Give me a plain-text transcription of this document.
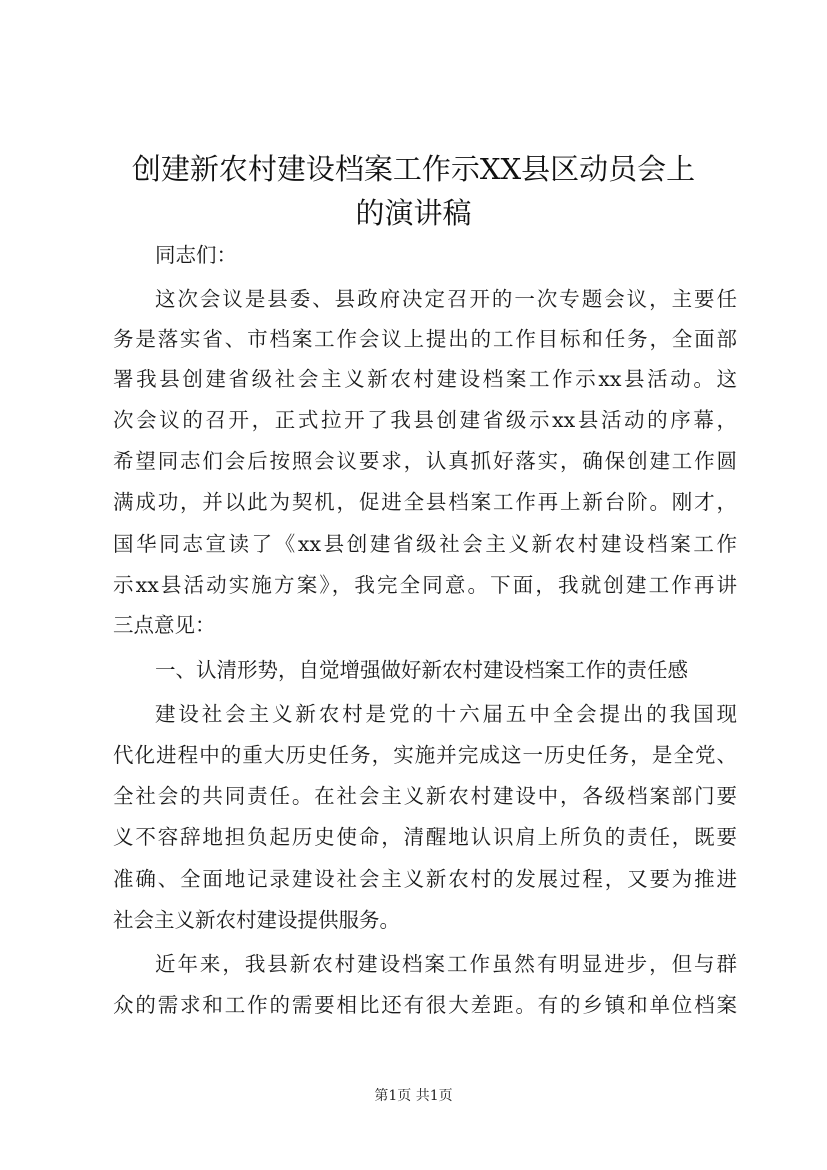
创建新农村建设档案工作示XX县区动员会上
的演讲稿
同志们：
这次会议是县委、县政府决定召开的一次专题会议，主要任
务是落实省、市档案工作会议上提出的工作目标和任务，全面部
署我县创建省级社会主义新农村建设档案工作示xx县活动。这
次会议的召开，正式拉开了我县创建省级示xx县活动的序幕，
希望同志们会后按照会议要求，认真抓好落实，确保创建工作圆
满成功，并以此为契机，促进全县档案工作再上新台阶。刚才，
国华同志宣读了《xx县创建省级社会主义新农村建设档案工作
示xx县活动实施方案》，我完全同意。下面，我就创建工作再讲
三点意见：
一、认清形势，自觉增强做好新农村建设档案工作的责任感
建设社会主义新农村是党的十六届五中全会提出的我国现
代化进程中的重大历史任务，实施并完成这一历史任务，是全党、
全社会的共同责任。在社会主义新农村建设中，各级档案部门要
义不容辞地担负起历史使命，清醒地认识肩上所负的责任，既要
准确、全面地记录建设社会主义新农村的发展过程，又要为推进
社会主义新农村建设提供服务。
近年来，我县新农村建设档案工作虽然有明显进步，但与群
众的需求和工作的需要相比还有很大差距。有的乡镇和单位档案
第1页 共1页
